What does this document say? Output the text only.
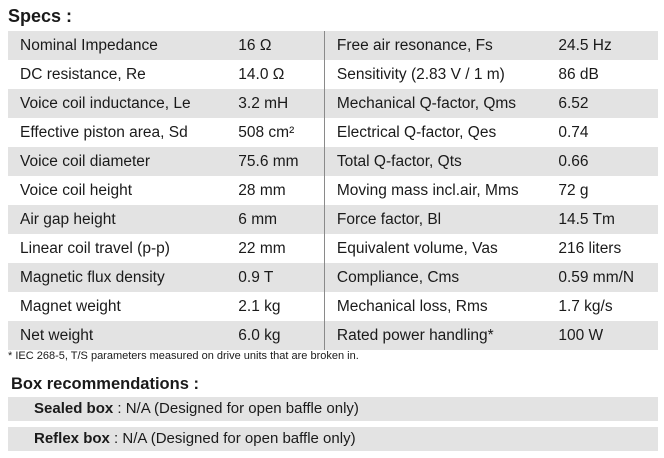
Specs :
Nominal Impedance	16 Ω	Free air resonance, Fs	24.5 Hz
DC resistance, Re	14.0 Ω	Sensitivity (2.83 V / 1 m)	86 dB
Voice coil inductance, Le	3.2 mH	Mechanical Q-factor, Qms	6.52
Effective piston area, Sd	508 cm²	Electrical Q-factor, Qes	0.74
Voice coil diameter	75.6 mm	Total Q-factor, Qts	0.66
Voice coil height	28 mm	Moving mass incl.air, Mms	72 g
Air gap height	6 mm	Force factor, Bl	14.5 Tm
Linear coil travel (p-p)	22 mm	Equivalent volume, Vas	216 liters
Magnetic flux density	0.9 T	Compliance, Cms	0.59 mm/N
Magnet weight	2.1 kg	Mechanical loss, Rms	1.7 kg/s
Net weight	6.0 kg	Rated power handling*	100 W
* IEC 268-5, T/S parameters measured on drive units that are broken in.
Box recommendations :
Sealed box : N/A (Designed for open baffle only)
Reflex box : N/A (Designed for open baffle only)
